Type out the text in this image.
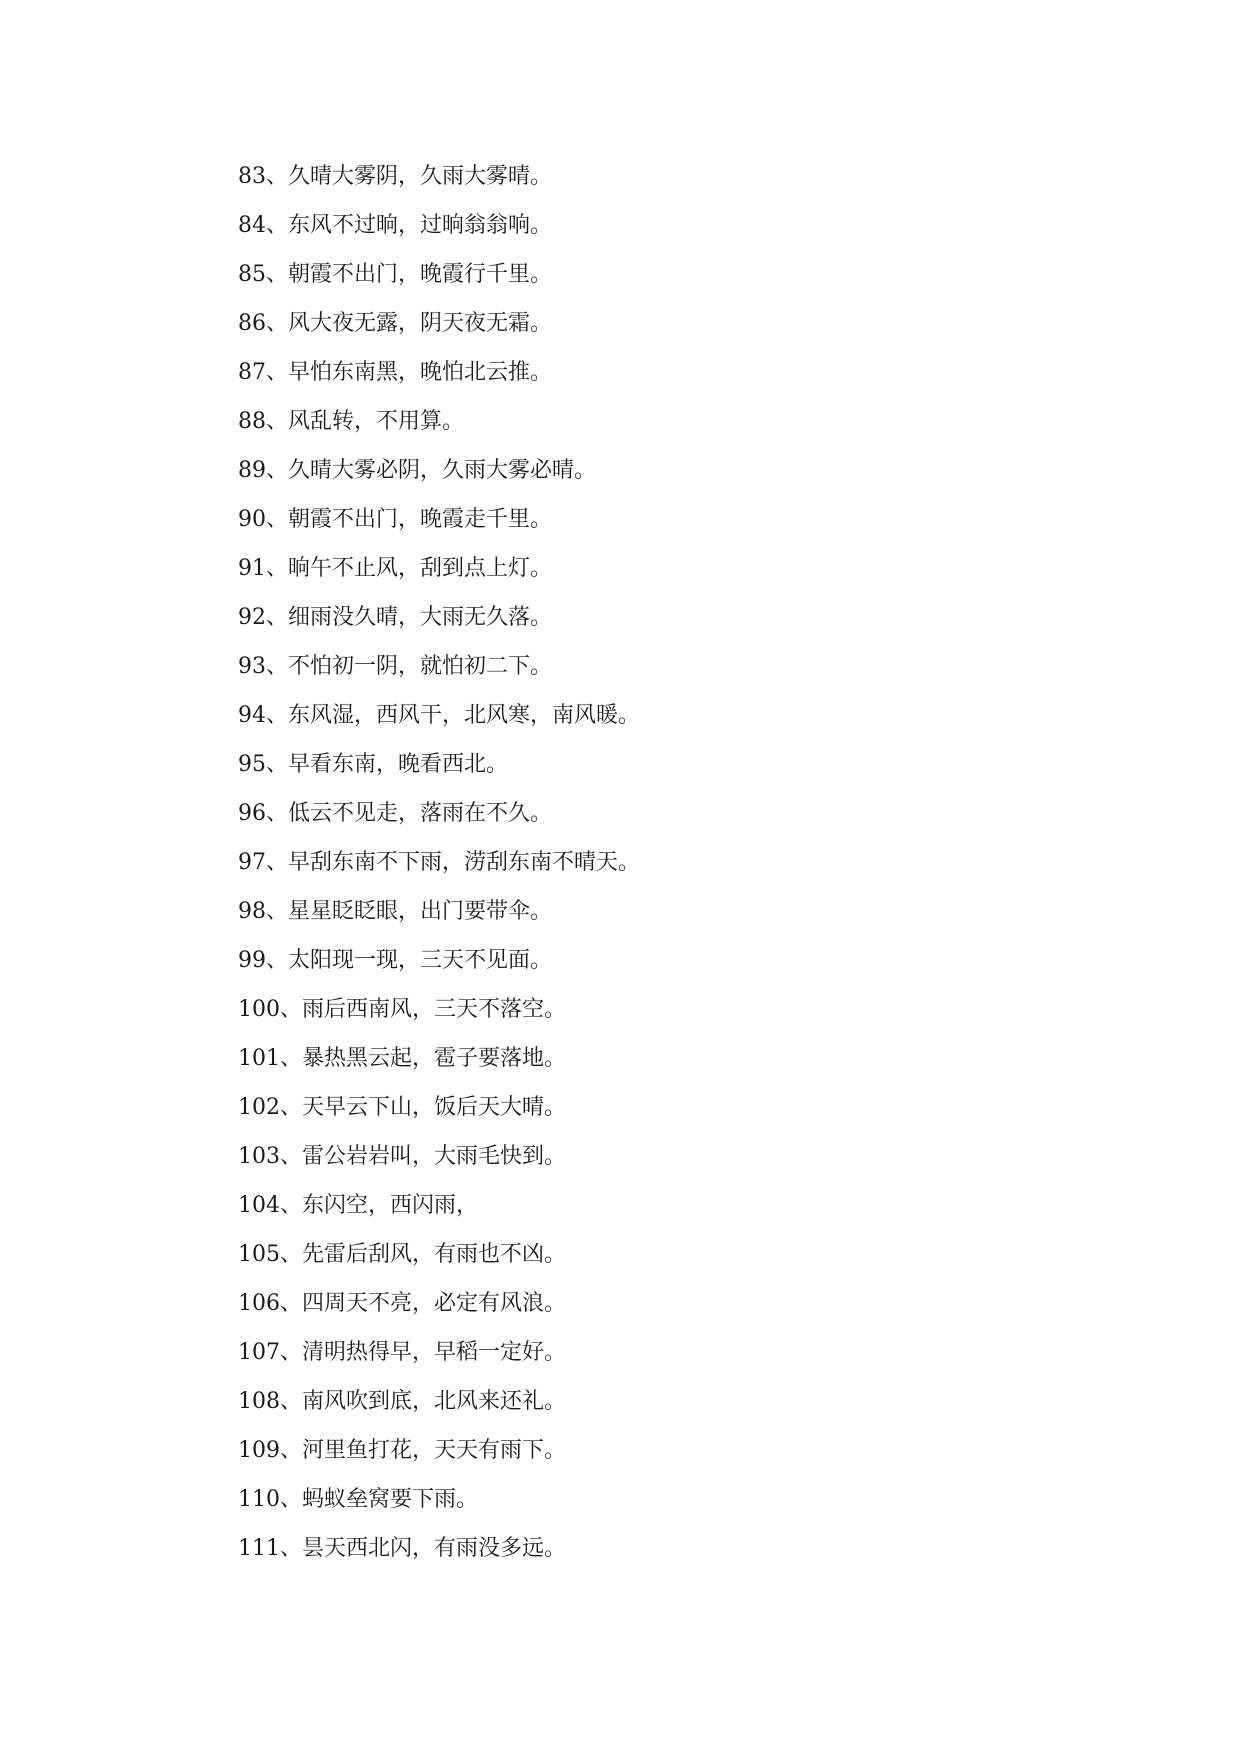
83、久晴大雾阴，久雨大雾晴。
84、东风不过晌，过晌翁翁响。
85、朝霞不出门，晚霞行千里。
86、风大夜无露，阴天夜无霜。
87、早怕东南黑，晚怕北云推。
88、风乱转，不用算。
89、久晴大雾必阴，久雨大雾必晴。
90、朝霞不出门，晚霞走千里。
91、晌午不止风，刮到点上灯。
92、细雨没久晴，大雨无久落。
93、不怕初一阴，就怕初二下。
94、东风湿，西风干，北风寒，南风暖。
95、早看东南，晚看西北。
96、低云不见走，落雨在不久。
97、早刮东南不下雨，涝刮东南不晴天。
98、星星眨眨眼，出门要带伞。
99、太阳现一现，三天不见面。
100、雨后西南风，三天不落空。
101、暴热黑云起，雹子要落地。
102、天早云下山，饭后天大晴。
103、雷公岩岩叫，大雨毛快到。
104、东闪空，西闪雨，
105、先雷后刮风，有雨也不凶。
106、四周天不亮，必定有风浪。
107、清明热得早，早稻一定好。
108、南风吹到底，北风来还礼。
109、河里鱼打花，天天有雨下。
110、蚂蚁垒窝要下雨。
111、昙天西北闪，有雨没多远。
